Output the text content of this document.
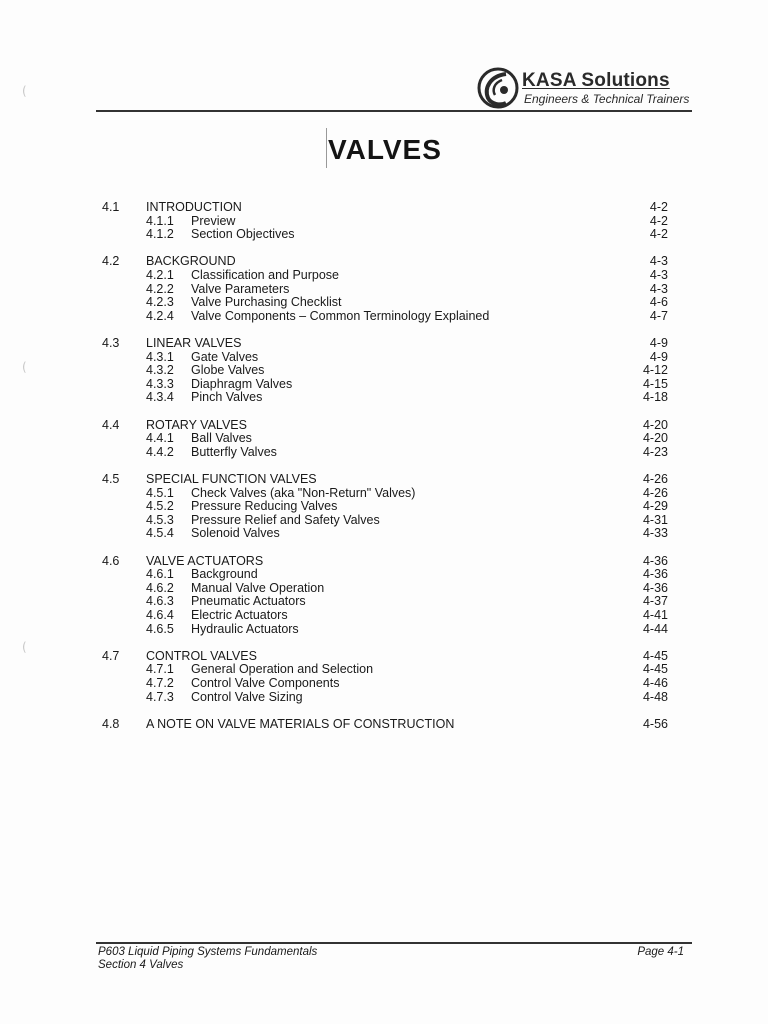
KASA Solutions
Engineers & Technical Trainers
VALVES
4.1 INTRODUCTION	4-2
4.1.1 Preview	4-2
4.1.2 Section Objectives	4-2
4.2 BACKGROUND	4-3
4.2.1 Classification and Purpose	4-3
4.2.2 Valve Parameters	4-3
4.2.3 Valve Purchasing Checklist	4-6
4.2.4 Valve Components – Common Terminology Explained	4-7
4.3 LINEAR VALVES	4-9
4.3.1 Gate Valves	4-9
4.3.2 Globe Valves	4-12
4.3.3 Diaphragm Valves	4-15
4.3.4 Pinch Valves	4-18
4.4 ROTARY VALVES	4-20
4.4.1 Ball Valves	4-20
4.4.2 Butterfly Valves	4-23
4.5 SPECIAL FUNCTION VALVES	4-26
4.5.1 Check Valves (aka "Non-Return" Valves)	4-26
4.5.2 Pressure Reducing Valves	4-29
4.5.3 Pressure Relief and Safety Valves	4-31
4.5.4 Solenoid Valves	4-33
4.6 VALVE ACTUATORS	4-36
4.6.1 Background	4-36
4.6.2 Manual Valve Operation	4-36
4.6.3 Pneumatic Actuators	4-37
4.6.4 Electric Actuators	4-41
4.6.5 Hydraulic Actuators	4-44
4.7 CONTROL VALVES	4-45
4.7.1 General Operation and Selection	4-45
4.7.2 Control Valve Components	4-46
4.7.3 Control Valve Sizing	4-48
4.8 A NOTE ON VALVE MATERIALS OF CONSTRUCTION	4-56
P603 Liquid Piping Systems Fundamentals
Section 4 Valves
Page 4-1
(
(
(
